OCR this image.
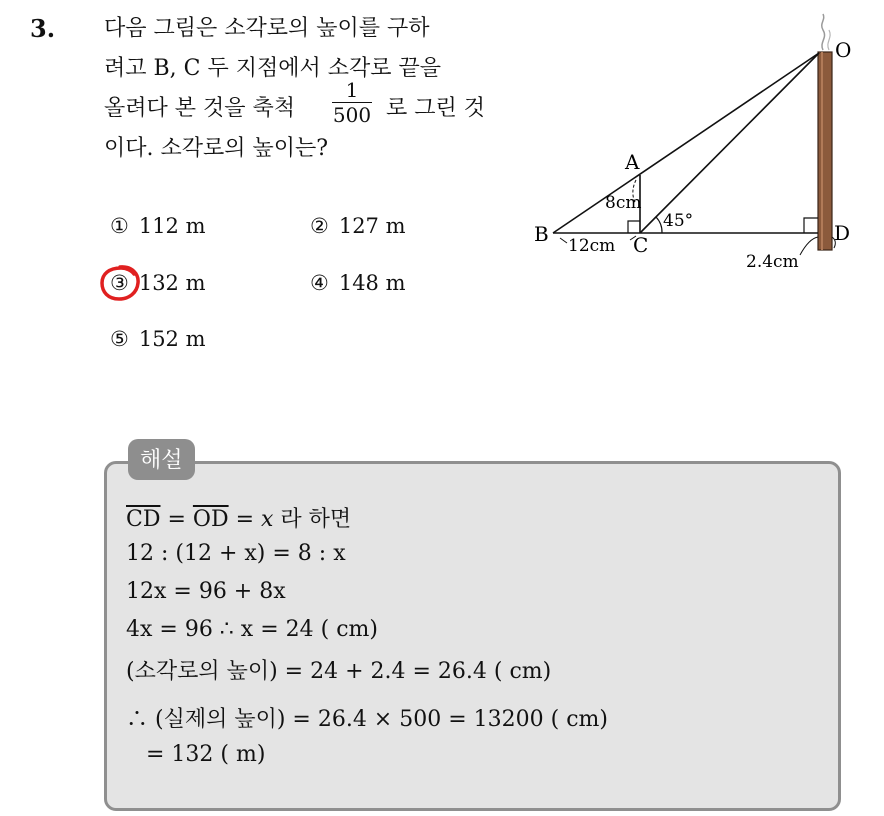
3. 다음 그림은 소각로의 높이를 구하
려고 B, C 두 지점에서 소각로 끝을
올려다 본 것을 축척
1
500 로 그린 것
이다. 소각로의 높이는?
① 112 m	② 127 m
③ 132 m	④ 148 m
⑤ 152 m
O
A
B	C	D
8cm
12cm
45°
2.4cm
해설
$\overline{CD} = \overline{OD} = x$ 라 하면
12 : (12 + x) = 8 : x
12x = 96 + 8x
4x = 96 ∴ x = 24 ( cm)
(소각로의 높이) = 24 + 2.4 = 26.4 ( cm)
∴ (실제의 높이) = 26.4 × 500 = 13200 ( cm)
= 132 ( m)
